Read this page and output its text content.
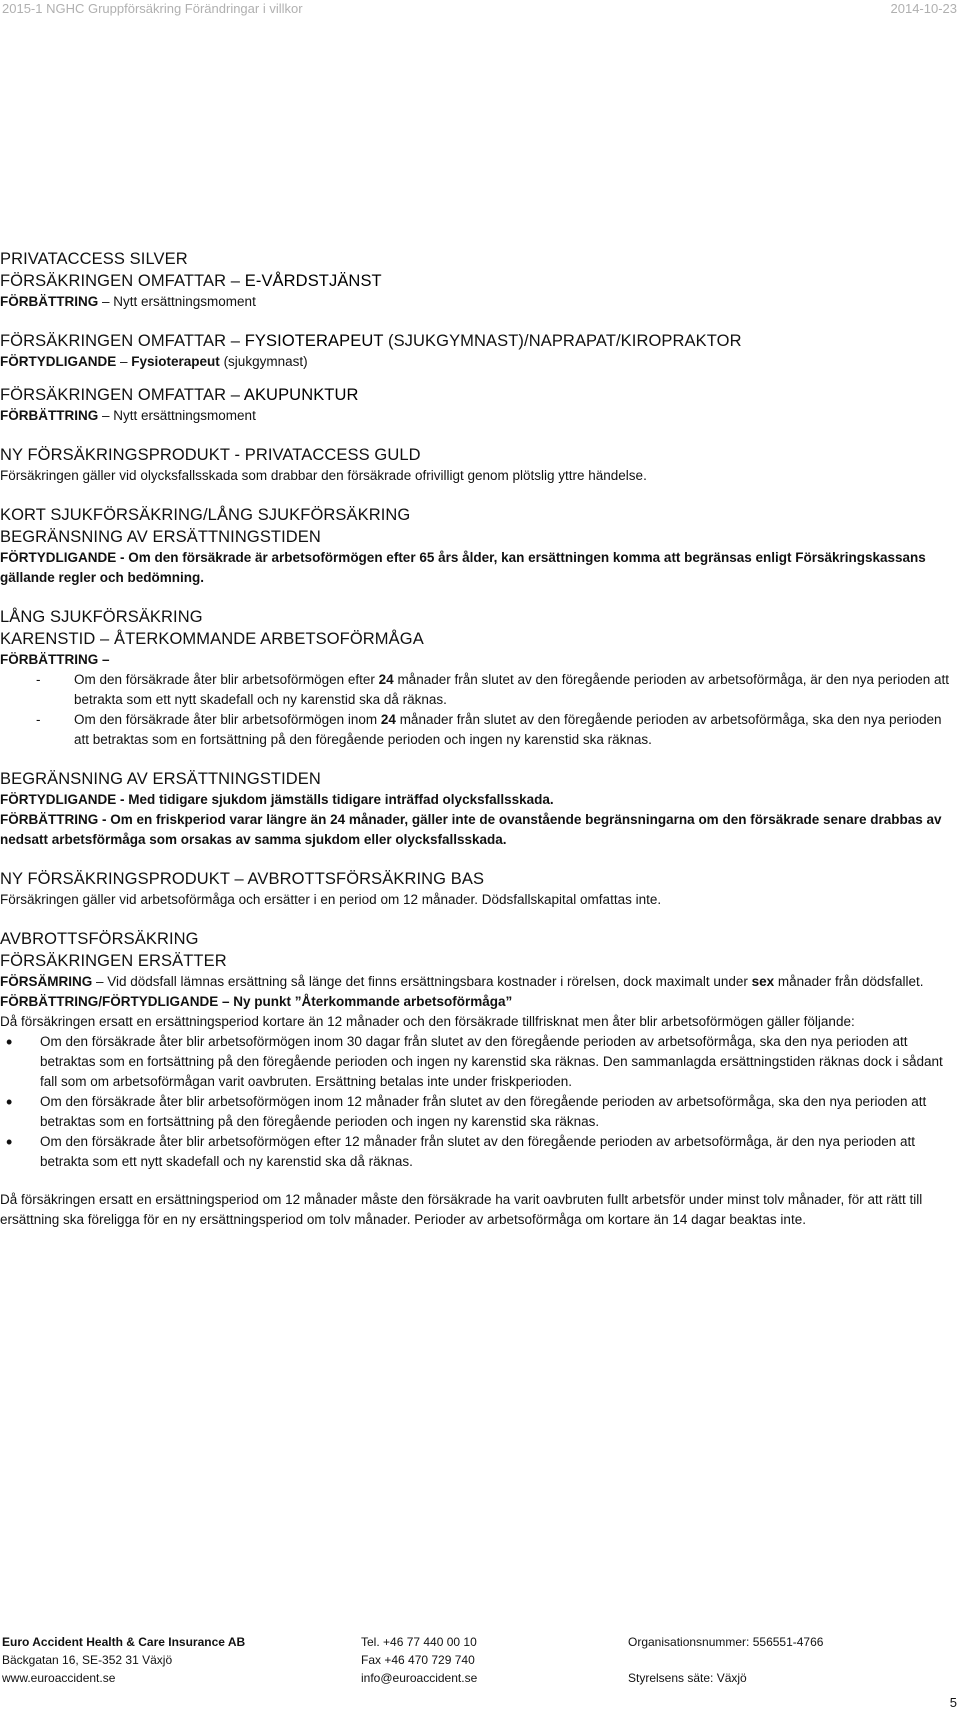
2015-1 NGHC Gruppförsäkring Förändringar i villkor	2014-10-23
PRIVATACCESS SILVER
FÖRSÄKRINGEN OMFATTAR – E-VÅRDSTJÄNST
FÖRBÄTTRING – Nytt ersättningsmoment
FÖRSÄKRINGEN OMFATTAR – FYSIOTERAPEUT (SJUKGYMNAST)/NAPRAPAT/KIROPRAKTOR
FÖRTYDLIGANDE – Fysioterapeut (sjukgymnast)
FÖRSÄKRINGEN OMFATTAR – AKUPUNKTUR
FÖRBÄTTRING – Nytt ersättningsmoment
NY FÖRSÄKRINGSPRODUKT - PRIVATACCESS GULD
Försäkringen gäller vid olycksfallsskada som drabbar den försäkrade ofrivilligt genom plötslig yttre händelse.
KORT SJUKFÖRSÄKRING/LÅNG SJUKFÖRSÄKRING
BEGRÄNSNING AV ERSÄTTNINGSTIDEN
FÖRTYDLIGANDE - Om den försäkrade är arbetsoförmögen efter 65 års ålder, kan ersättningen komma att begränsas enligt Försäkringskassans gällande regler och bedömning.
LÅNG SJUKFÖRSÄKRING
KARENSTID – ÅTERKOMMANDE ARBETSOFÖRMÅGA
FÖRBÄTTRING –
- Om den försäkrade åter blir arbetsoförmögen efter 24 månader från slutet av den föregående perioden av arbetsoförmåga, är den nya perioden att betrakta som ett nytt skadefall och ny karenstid ska då räknas.
- Om den försäkrade åter blir arbetsoförmögen inom 24 månader från slutet av den föregående perioden av arbetsoförmåga, ska den nya perioden att betraktas som en fortsättning på den föregående perioden och ingen ny karenstid ska räknas.
BEGRÄNSNING AV ERSÄTTNINGSTIDEN
FÖRTYDLIGANDE - Med tidigare sjukdom jämställs tidigare inträffad olycksfallsskada.
FÖRBÄTTRING - Om en friskperiod varar längre än 24 månader, gäller inte de ovanstående begränsningarna om den försäkrade senare drabbas av nedsatt arbetsförmåga som orsakas av samma sjukdom eller olycksfallsskada.
NY FÖRSÄKRINGSPRODUKT – AVBROTTSFÖRSÄKRING BAS
Försäkringen gäller vid arbetsoförmåga och ersätter i en period om 12 månader. Dödsfallskapital omfattas inte.
AVBROTTSFÖRSÄKRING
FÖRSÄKRINGEN ERSÄTTER
FÖRSÄMRING – Vid dödsfall lämnas ersättning så länge det finns ersättningsbara kostnader i rörelsen, dock maximalt under sex månader från dödsfallet.
FÖRBÄTTRING/FÖRTYDLIGANDE – Ny punkt ”Återkommande arbetsoförmåga”
Då försäkringen ersatt en ersättningsperiod kortare än 12 månader och den försäkrade tillfrisknat men åter blir arbetsoförmögen gäller följande:
• Om den försäkrade åter blir arbetsoförmögen inom 30 dagar från slutet av den föregående perioden av arbetsoförmåga, ska den nya perioden att betraktas som en fortsättning på den föregående perioden och ingen ny karenstid ska räknas. Den sammanlagda ersättningstiden räknas dock i sådant fall som om arbetsoförmågan varit oavbruten. Ersättning betalas inte under friskperioden.
• Om den försäkrade åter blir arbetsoförmögen inom 12 månader från slutet av den föregående perioden av arbetsoförmåga, ska den nya perioden att betraktas som en fortsättning på den föregående perioden och ingen ny karenstid ska räknas.
• Om den försäkrade åter blir arbetsoförmögen efter 12 månader från slutet av den föregående perioden av arbetsoförmåga, är den nya perioden att betrakta som ett nytt skadefall och ny karenstid ska då räknas.
Då försäkringen ersatt en ersättningsperiod om 12 månader måste den försäkrade ha varit oavbruten fullt arbetsför under minst tolv månader, för att rätt till ersättning ska föreligga för en ny ersättningsperiod om tolv månader. Perioder av arbetsoförmåga om kortare än 14 dagar beaktas inte.
Euro Accident Health & Care Insurance AB
Bäckgatan 16, SE-352 31 Växjö
www.euroaccident.se
Tel. +46 77 440 00 10
Fax +46 470 729 740
info@euroaccident.se
Organisationsnummer: 556551-4766

Styrelsens säte: Växjö
5
